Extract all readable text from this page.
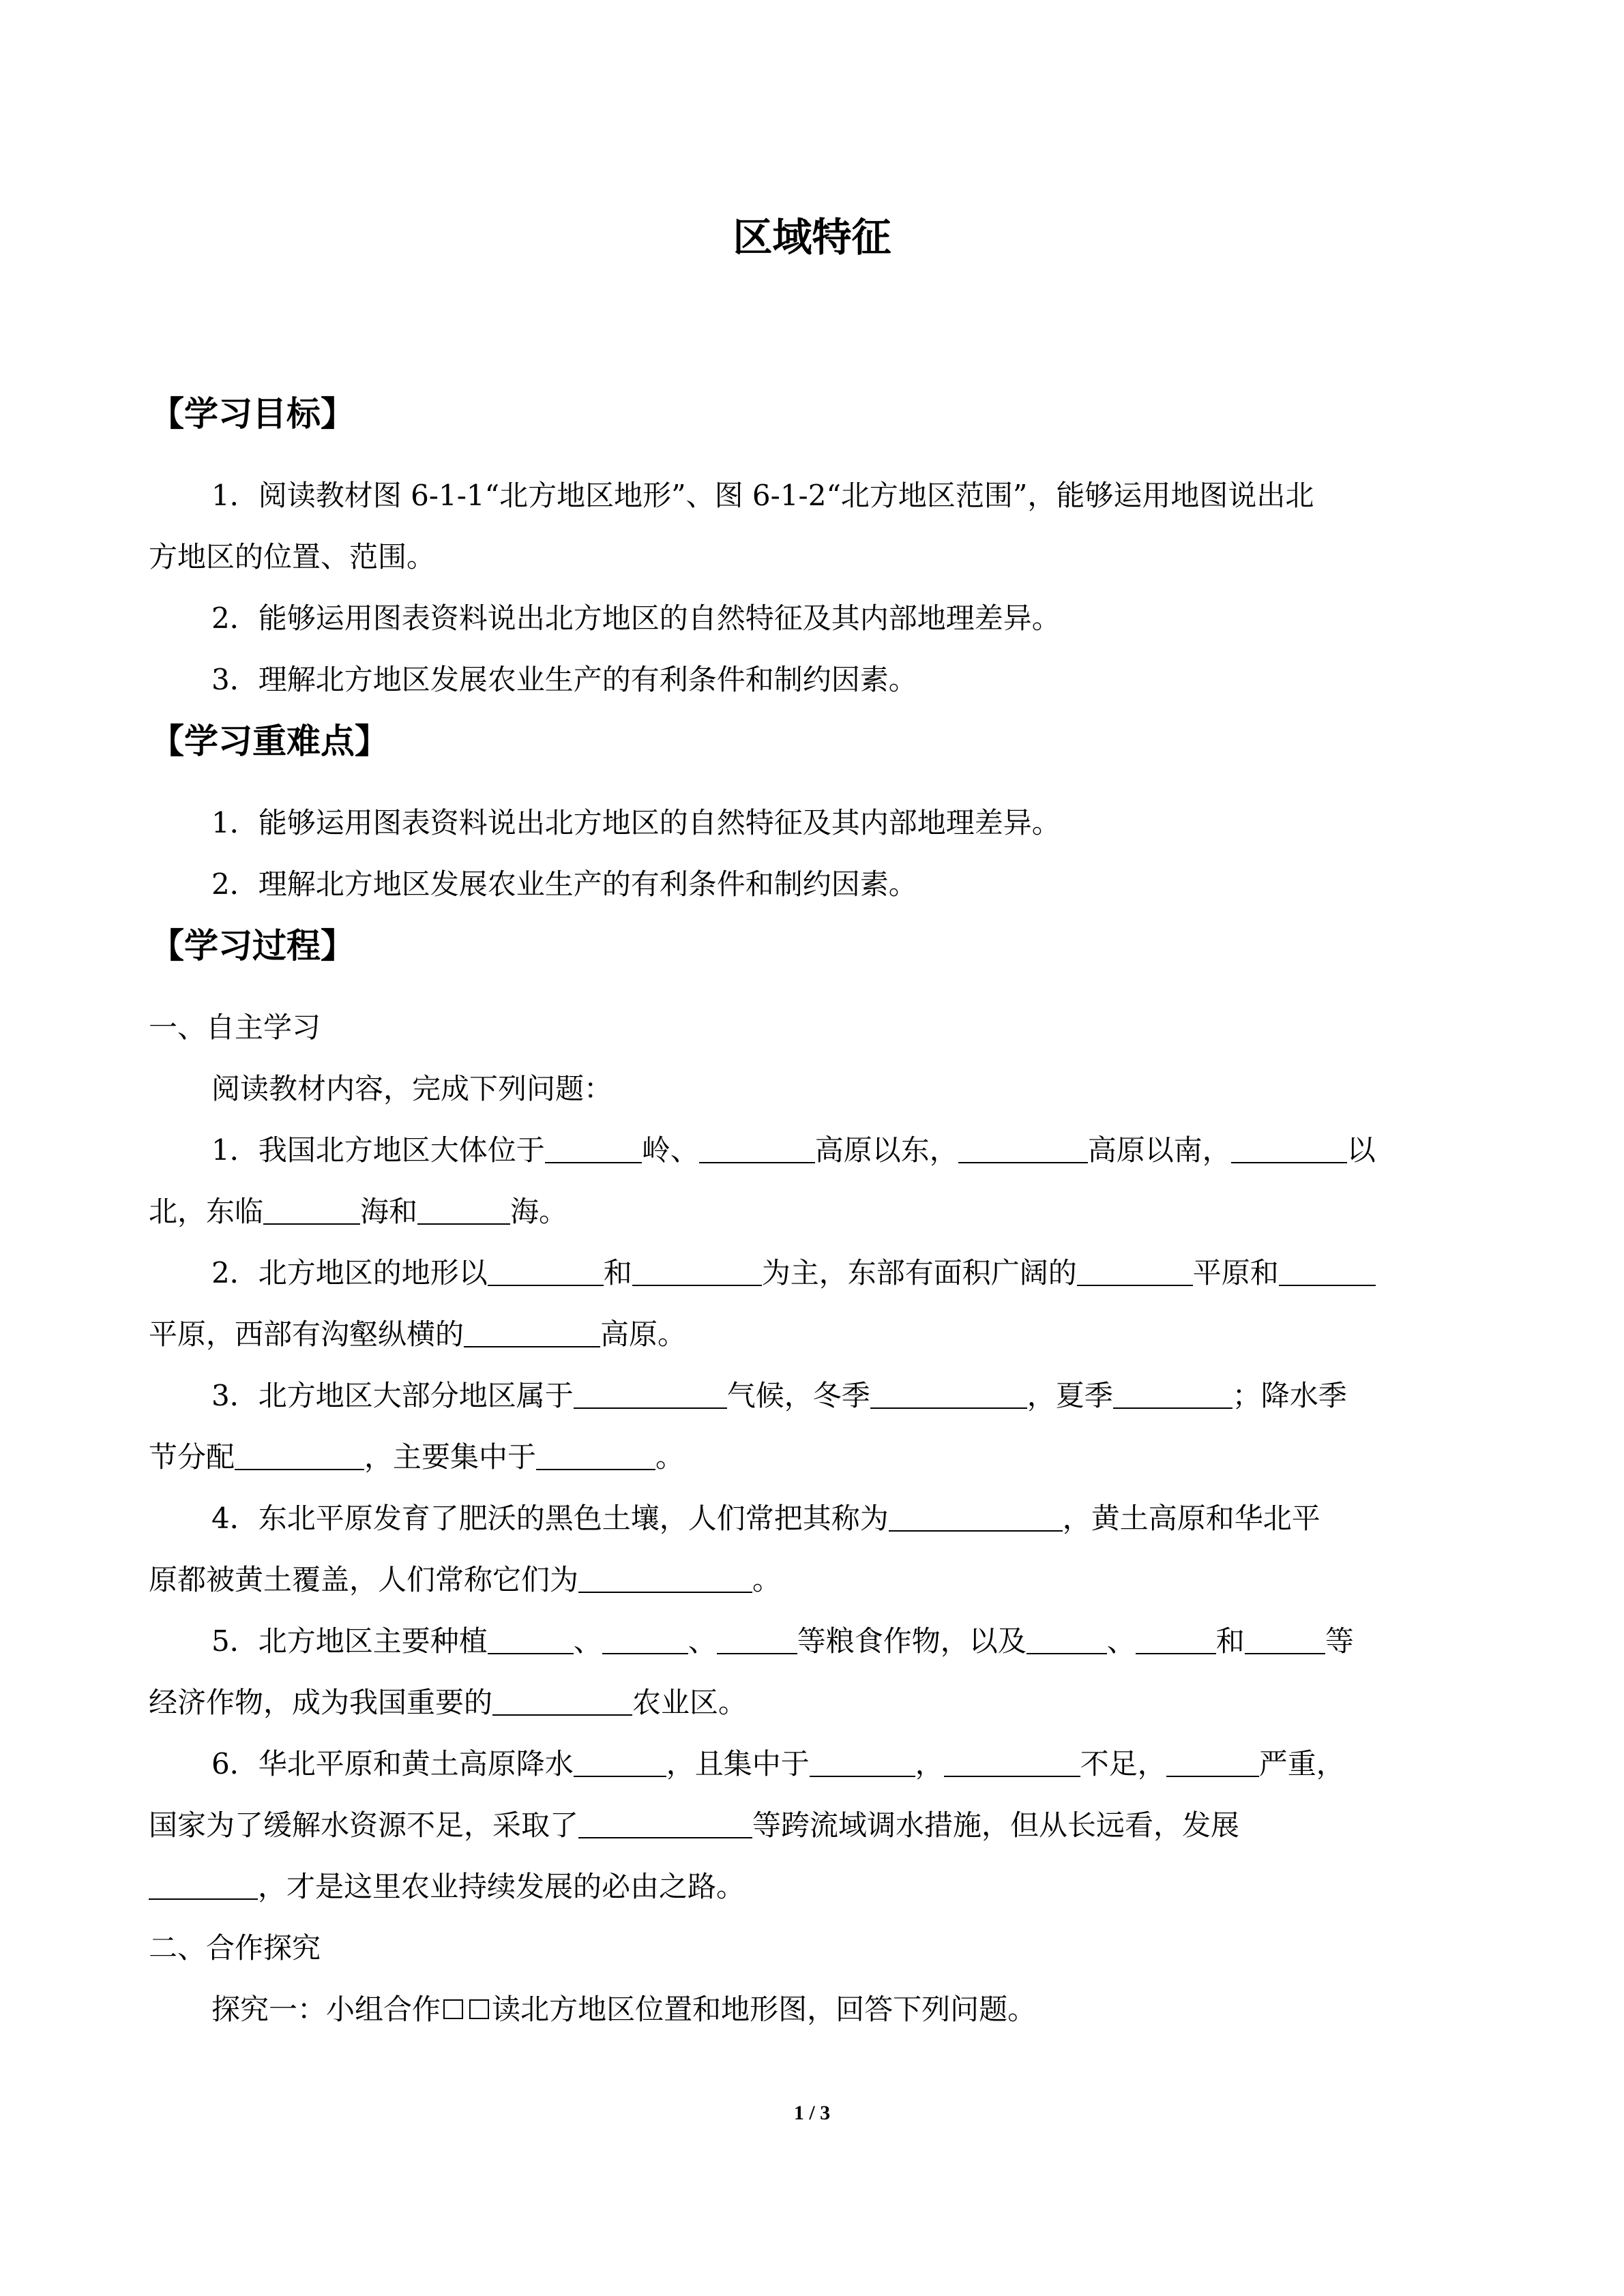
区域特征
【学习目标】
1．阅读教材图 6-1-1“北方地区地形”、图 6-1-2“北方地区范围”，能够运用地图说出北
方地区的位置、范围。
2．能够运用图表资料说出北方地区的自然特征及其内部地理差异。
3．理解北方地区发展农业生产的有利条件和制约因素。
【学习重难点】
1．能够运用图表资料说出北方地区的自然特征及其内部地理差异。
2．理解北方地区发展农业生产的有利条件和制约因素。
【学习过程】
一、自主学习
阅读教材内容，完成下列问题：
1．我国北方地区大体位于	岭、	高原以东，	高原以南，	以
北，东临	海和	海。
2．北方地区的地形以	和	为主，东部有面积广阔的	平原和
平原，西部有沟壑纵横的	高原。
3．北方地区大部分地区属于	气候，冬季	，夏季	；降水季
节分配	，主要集中于	。
4．东北平原发育了肥沃的黑色土壤，人们常把其称为	，黄土高原和华北平
原都被黄土覆盖，人们常称它们为	。
5．北方地区主要种植	、	、	等粮食作物，以及	、	和	等
经济作物，成为我国重要的	农业区。
6．华北平原和黄土高原降水	，且集中于	，	不足，	严重，
国家为了缓解水资源不足，采取了	等跨流域调水措施，但从长远看，发展
，才是这里农业持续发展的必由之路。
二、合作探究
探究一：小组合作 读北方地区位置和地形图，回答下列问题。
1 / 3
